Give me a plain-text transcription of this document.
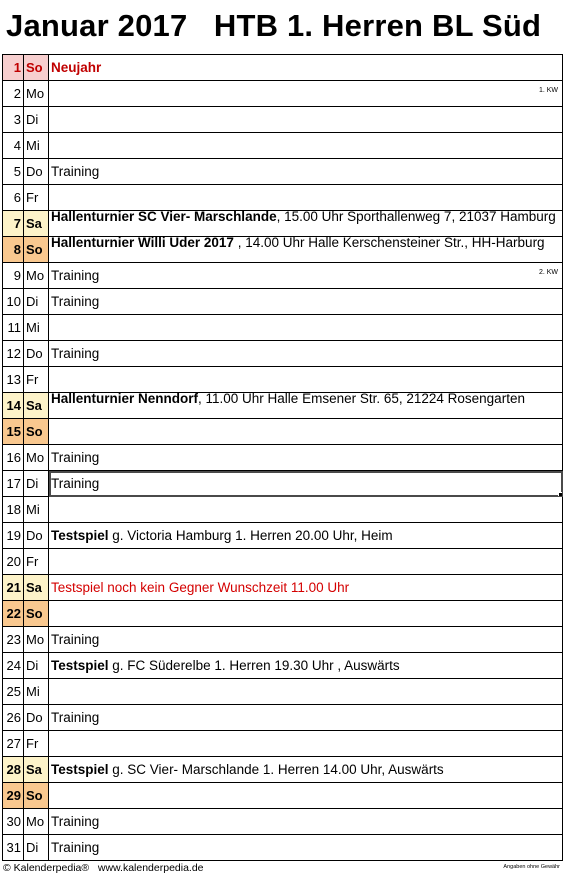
Januar 2017   HTB 1. Herren BL Süd
1	So	Neujahr
2	Mo	1. KW

3	Di	
4	Mi	
5	Do	Training
6	Fr	
7	Sa	Hallenturnier SC Vier- Marschlande, 15.00 Uhr Sporthallenweg 7, 21037 Hamburg

8	So	Hallenturnier Willi Uder 2017 , 14.00 Uhr Halle Kerschensteiner Str., HH-Harburg

9	Mo	Training 2. KW

10	Di	Training
11	Mi	
12	Do	Training
13	Fr	
14	Sa	Hallenturnier Nenndorf, 11.00 Uhr Halle Emsener Str. 65, 21224 Rosengarten

15	So	
16	Mo	Training
17	Di	Training

18	Mi	
19	Do	Testspiel g. Victoria Hamburg 1. Herren 20.00 Uhr, Heim
20	Fr	
21	Sa	Testspiel noch kein Gegner Wunschzeit 11.00 Uhr
22	So	
23	Mo	Training
24	Di	Testspiel g. FC Süderelbe 1. Herren 19.30 Uhr , Auswärts
25	Mi	
26	Do	Training
27	Fr	
28	Sa	Testspiel g. SC Vier- Marschlande 1. Herren 14.00 Uhr, Auswärts
29	So	
30	Mo	Training
31	Di	Training
© Kalenderpedia®   www.kalenderpedia.de	Angaben ohne Gewähr
